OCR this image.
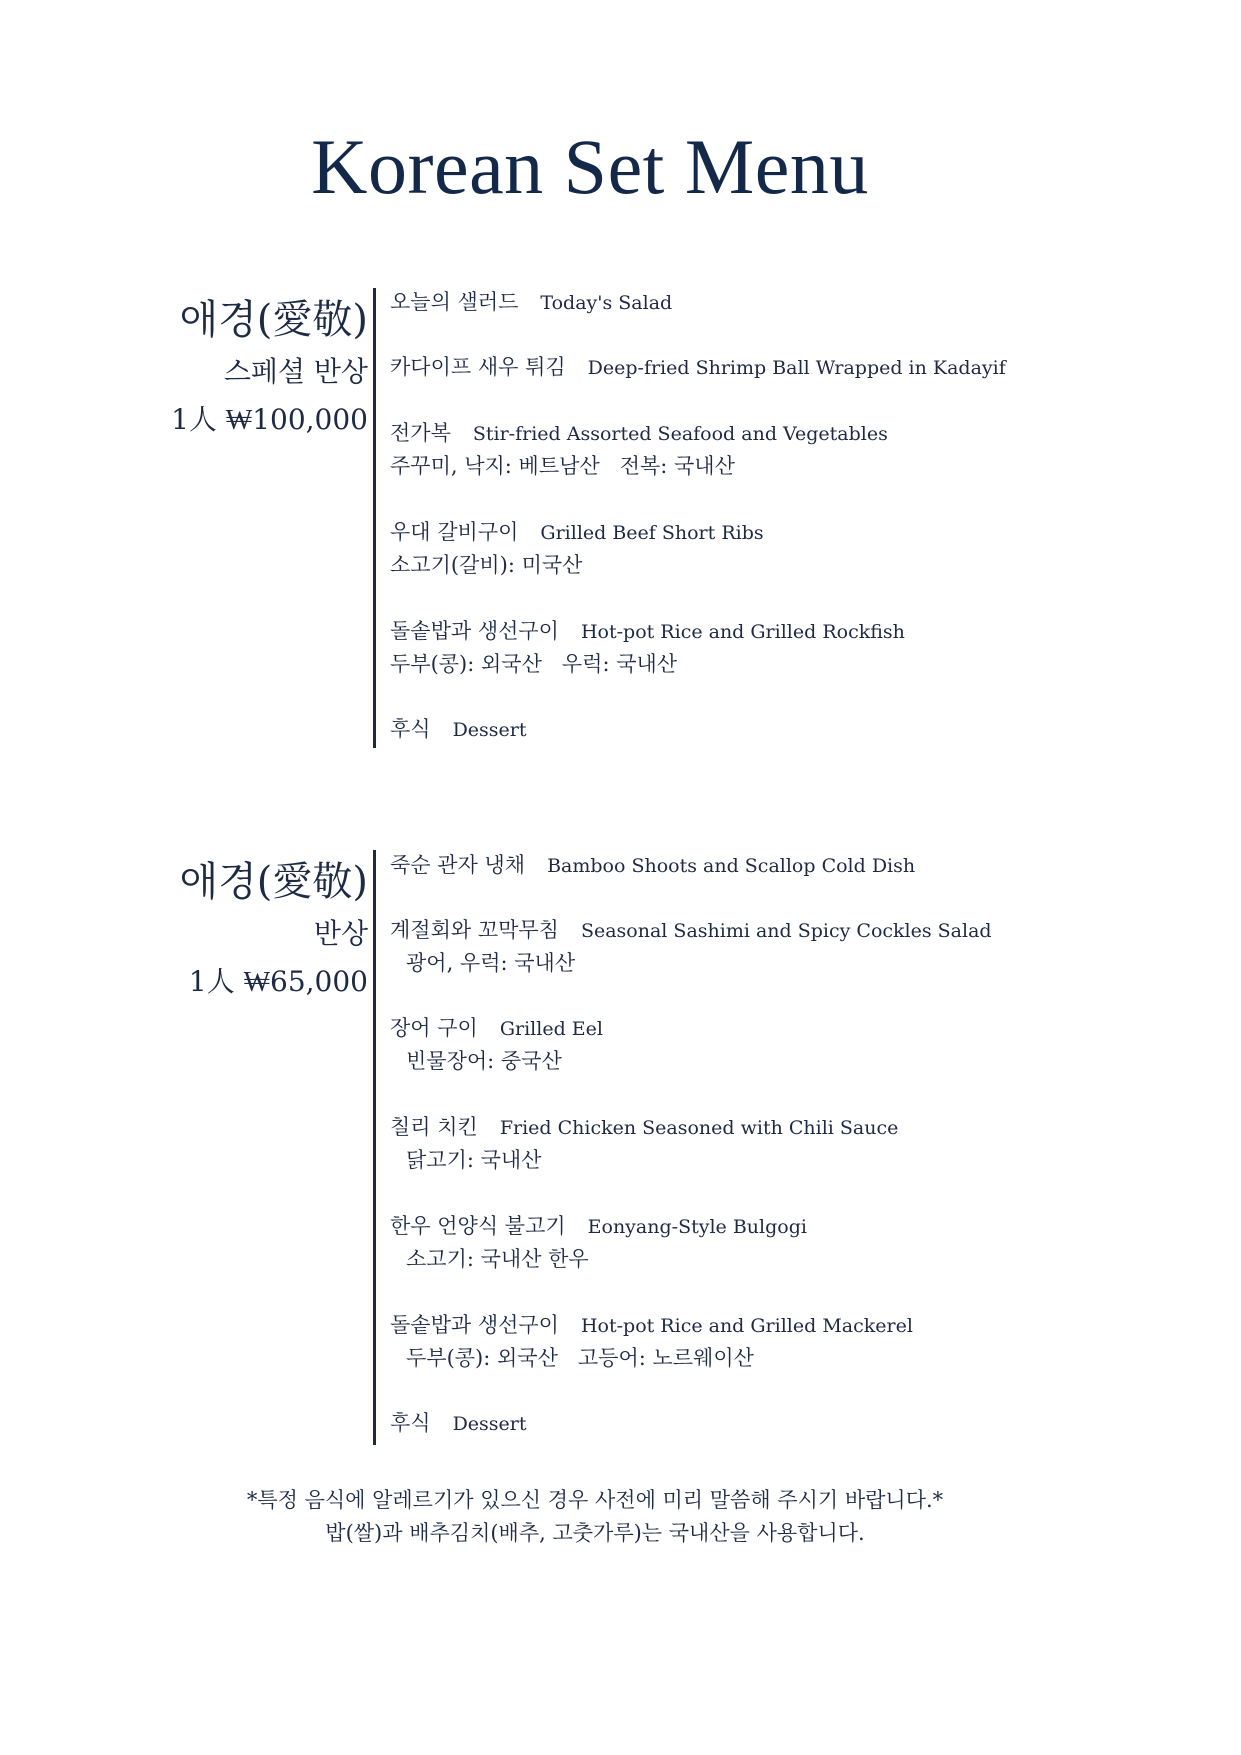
Korean Set Menu
애경(愛敬)
스페셜 반상
1人 ₩100,000
오늘의 샐러드 Today's Salad
카다이프 새우 튀김 Deep-fried Shrimp Ball Wrapped in Kadayif
전가복 Stir-fried Assorted Seafood and Vegetables
주꾸미, 낙지: 베트남산   전복: 국내산
우대 갈비구이 Grilled Beef Short Ribs
소고기(갈비): 미국산
돌솥밥과 생선구이 Hot-pot Rice and Grilled Rockfish
두부(콩): 외국산   우럭: 국내산
후식 Dessert
애경(愛敬)
반상
1人 ₩65,000
죽순 관자 냉채 Bamboo Shoots and Scallop Cold Dish
계절회와 꼬막무침 Seasonal Sashimi and Spicy Cockles Salad
광어, 우럭: 국내산
장어 구이 Grilled Eel
빈물장어: 중국산
칠리 치킨 Fried Chicken Seasoned with Chili Sauce
닭고기: 국내산
한우 언양식 불고기 Eonyang-Style Bulgogi
소고기: 국내산 한우
돌솥밥과 생선구이 Hot-pot Rice and Grilled Mackerel
두부(콩): 외국산   고등어: 노르웨이산
후식 Dessert
*특정 음식에 알레르기가 있으신 경우 사전에 미리 말씀해 주시기 바랍니다.*
밥(쌀)과 배추김치(배추, 고춧가루)는 국내산을 사용합니다.
